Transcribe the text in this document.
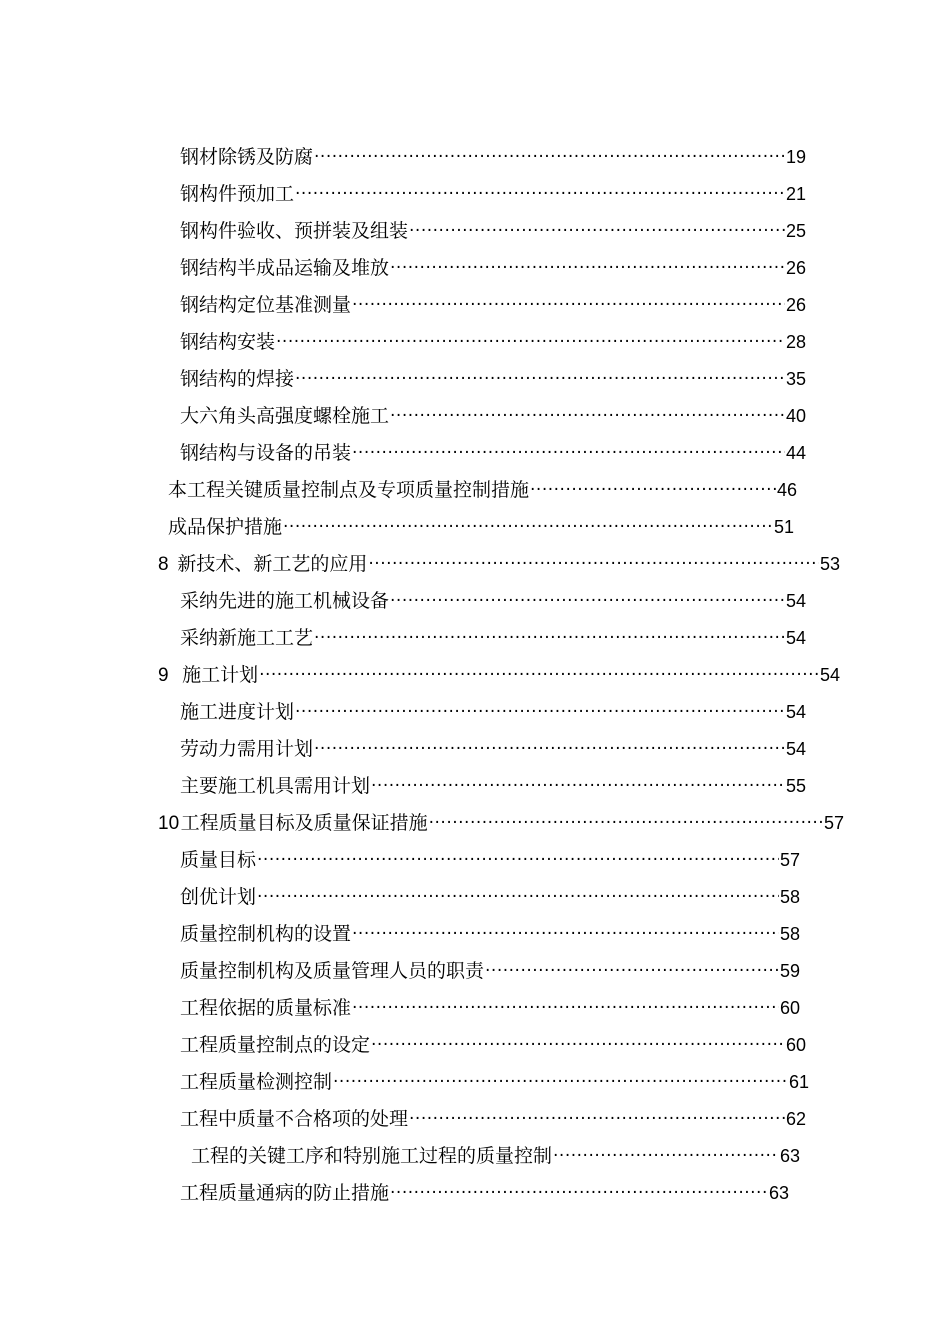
钢材除锈及防腐 ·····	19
钢构件预加工 ·····	21
钢构件验收、预拼装及组装 ·····	25
钢结构半成品运输及堆放 ·····	26
钢结构定位基准测量 ·····	26
钢结构安装 ·····	28
钢结构的焊接 ·····	35
大六角头高强度螺栓施工 ·····	40
钢结构与设备的吊装 ·····	44
本工程关键质量控制点及专项质量控制措施 ·····	46
成品保护措施 ·····	51
8 新技术、新工艺的应用 ·····	53
采纳先进的施工机械设备 ·····	54
采纳新施工工艺 ·····	54
9 施工计划 ·····	54
施工进度计划 ·····	54
劳动力需用计划 ·····	54
主要施工机具需用计划 ·····	55
10 工程质量目标及质量保证措施 ·····	57
质量目标 ·····	57
创优计划 ·····	58
质量控制机构的设置 ·····	58
质量控制机构及质量管理人员的职责 ·····	59
工程依据的质量标准 ·····	60
工程质量控制点的设定 ·····	60
工程质量检测控制 ·····	61
工程中质量不合格项的处理 ·····	62
工程的关键工序和特别施工过程的质量控制 ·····	63
工程质量通病的防止措施 ·····	63
